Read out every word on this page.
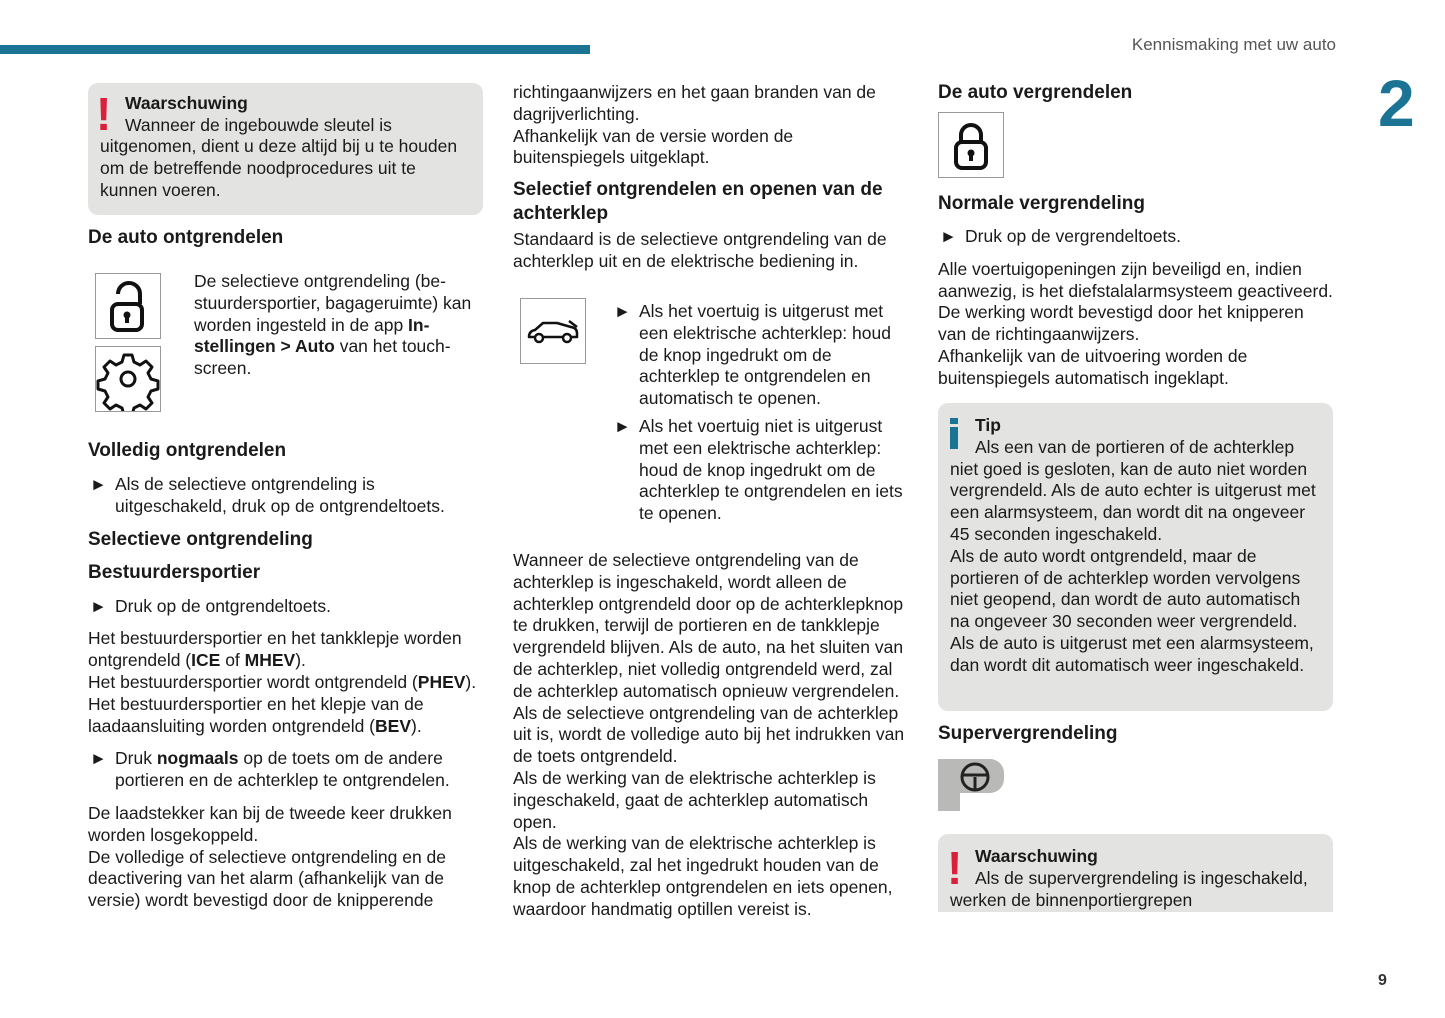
Kennismaking met uw auto
2
9
! Waarschuwing

Wanneer de ingebouwde sleutel is uitgenomen, dient u deze altijd bij u te houden om de betreffende noodprocedures uit te kunnen voeren.

De auto ontgrendelen

De selectieve ontgrendeling (be-stuurdersportier, bagageruimte) kan worden ingesteld in de app In-stellingen > Auto van het touch-screen.

Volledig ontgrendelen

► Als de selectieve ontgrendeling is uitgeschakeld, druk op de ontgrendeltoets.

Selectieve ontgrendeling

Bestuurdersportier

► Druk op de ontgrendeltoets.

Het bestuurdersportier en het tankklepje worden ontgrendeld (ICE of MHEV).

Het bestuurdersportier wordt ontgrendeld (PHEV).

Het bestuurdersportier en het klepje van de laadaansluiting worden ontgrendeld (BEV).

► Druk nogmaals op de toets om de andere portieren en de achterklep te ontgrendelen.

De laadstekker kan bij de tweede keer drukken worden losgekoppeld.

De volledige of selectieve ontgrendeling en de deactivering van het alarm (afhankelijk van de versie) wordt bevestigd door de knipperende

richtingaanwijzers en het gaan branden van de dagrijverlichting.

Afhankelijk van de versie worden de buitenspiegels uitgeklapt.

Selectief ontgrendelen en openen van de achterklep

Standaard is de selectieve ontgrendeling van de achterklep uit en de elektrische bediening in.

► Als het voertuig is uitgerust met een elektrische achterklep: houd de knop ingedrukt om de achterklep te ontgrendelen en automatisch te openen.
► Als het voertuig niet is uitgerust met een elektrische achterklep: houd de knop ingedrukt om de achterklep te ontgrendelen en iets te openen.

Wanneer de selectieve ontgrendeling van de achterklep is ingeschakeld, wordt alleen de achterklep ontgrendeld door op de achterklepknop te drukken, terwijl de portieren en de tankklepje vergrendeld blijven. Als de auto, na het sluiten van de achterklep, niet volledig ontgrendeld werd, zal de achterklep automatisch opnieuw vergrendelen.

Als de selectieve ontgrendeling van de achterklep uit is, wordt de volledige auto bij het indrukken van de toets ontgrendeld.

Als de werking van de elektrische achterklep is ingeschakeld, gaat de achterklep automatisch open.

Als de werking van de elektrische achterklep is uitgeschakeld, zal het ingedrukt houden van de knop de achterklep ontgrendelen en iets openen, waardoor handmatig optillen vereist is.

De auto vergrendelen

Normale vergrendeling

► Druk op de vergrendeltoets.

Alle voertuigopeningen zijn beveiligd en, indien aanwezig, is het diefstalalarmsysteem geactiveerd. De werking wordt bevestigd door het knipperen van de richtingaanwijzers.

Afhankelijk van de uitvoering worden de buitenspiegels automatisch ingeklapt.

Tip
Als een van de portieren of de achterklep niet goed is gesloten, kan de auto niet worden vergrendeld. Als de auto echter is uitgerust met een alarmsysteem, dan wordt dit na ongeveer 45 seconden ingeschakeld.
Als de auto wordt ontgrendeld, maar de portieren of de achterklep worden vervolgens niet geopend, dan wordt de auto automatisch na ongeveer 30 seconden weer vergrendeld. Als de auto is uitgerust met een alarmsysteem, dan wordt dit automatisch weer ingeschakeld.

Supervergrendeling

! Waarschuwing
Als de supervergrendeling is ingeschakeld, werken de binnenportiergrepen
